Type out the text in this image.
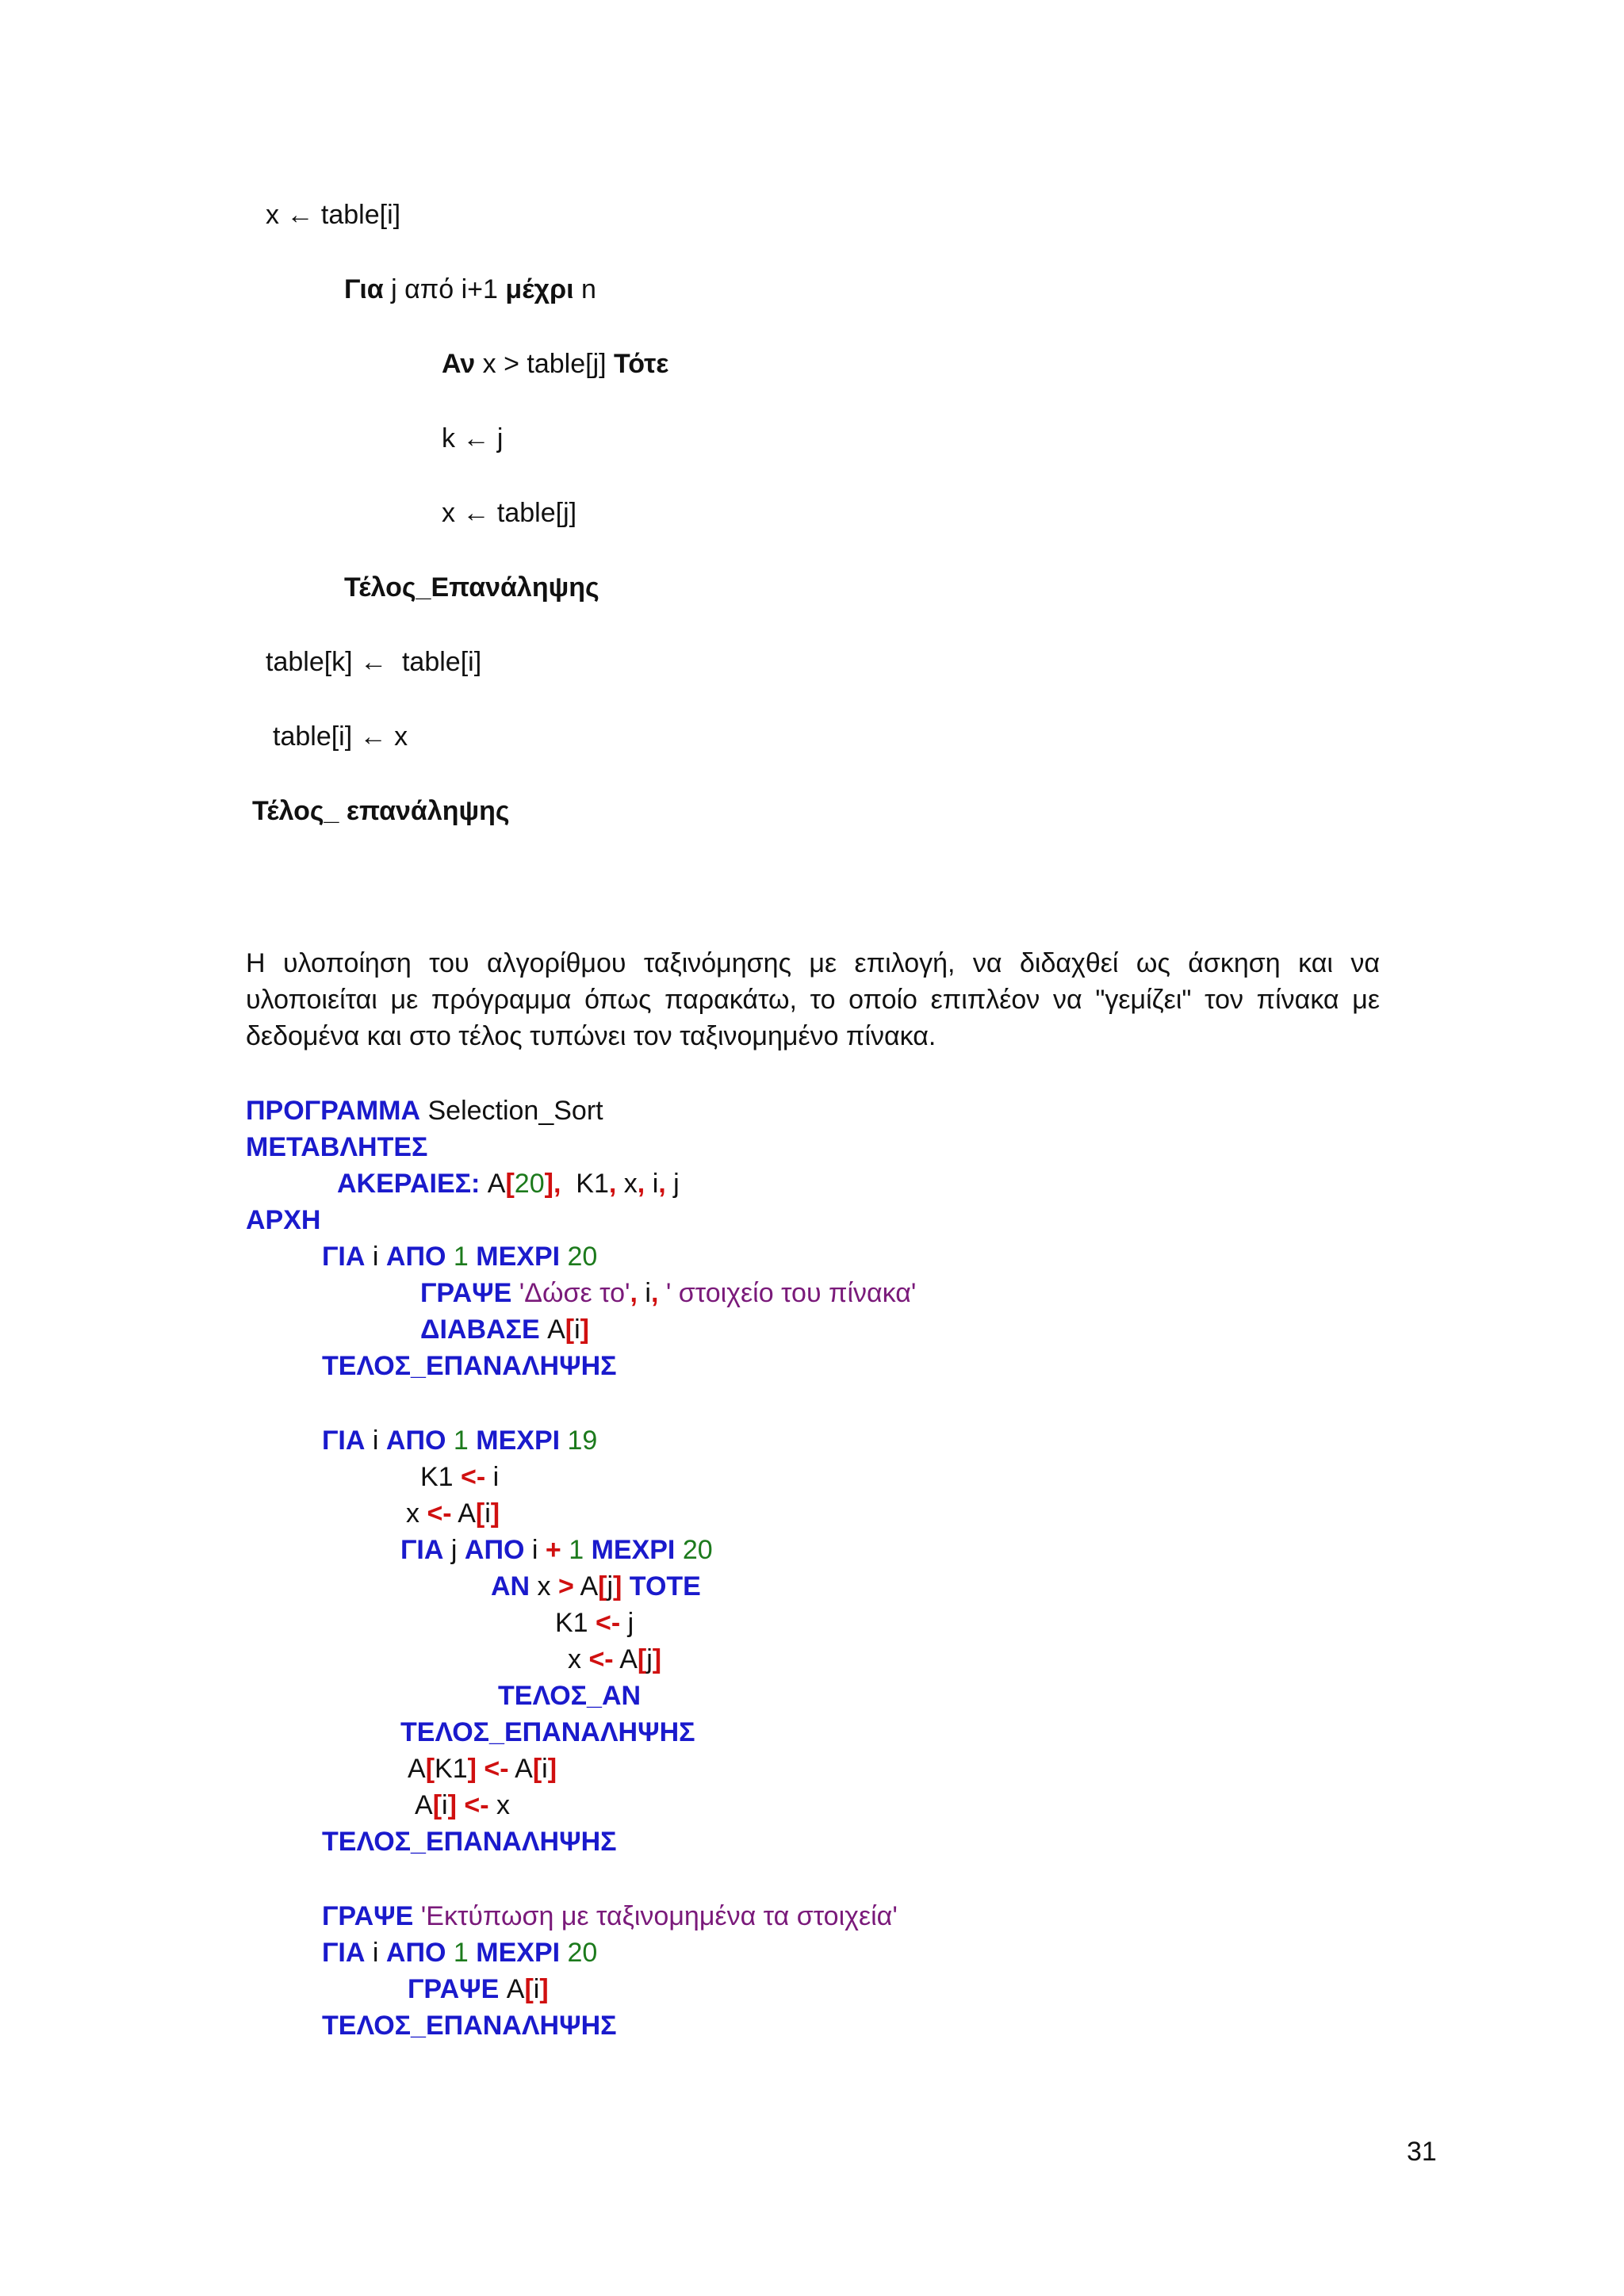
x ← table[i]
Για j από i+1 μέχρι n
Αν x > table[j] Τότε
k ← j
x ← table[j]
Τέλος_Επανάληψης
table[k] ←  table[i]
table[i] ← x
Τέλος_ επανάληψης
Η υλοποίηση του αλγορίθμου ταξινόμησης με επιλογή, να διδαχθεί ως άσκηση και να υλοποιείται με πρόγραμμα όπως παρακάτω, το οποίο επιπλέον να "γεμίζει" τον πίνακα με δεδομένα και στο τέλος τυπώνει τον ταξινομημένο πίνακα.
ΠΡΟΓΡΑΜΜΑ Selection_Sort
ΜΕΤΑΒΛΗΤΕΣ
ΑΚΕΡΑΙΕΣ: A[20],  K1, x, i, j
ΑΡΧΗ
ΓΙΑ i ΑΠΟ 1 ΜΕΧΡΙ 20
ΓΡΑΨΕ 'Δώσε το', i, ' στοιχείο του πίνακα'
ΔΙΑΒΑΣΕ A[i]
ΤΕΛΟΣ_ΕΠΑΝΑΛΗΨΗΣ
ΓΙΑ i ΑΠΟ 1 ΜΕΧΡΙ 19
K1 <- i
x <- A[i]
ΓΙΑ j ΑΠΟ i + 1 ΜΕΧΡΙ 20
ΑΝ x > A[j] ΤΟΤΕ
K1 <- j
x <- A[j]
ΤΕΛΟΣ_ΑΝ
ΤΕΛΟΣ_ΕΠΑΝΑΛΗΨΗΣ
A[K1] <- A[i]
A[i] <- x
ΤΕΛΟΣ_ΕΠΑΝΑΛΗΨΗΣ
ΓΡΑΨΕ 'Εκτύπωση με ταξινομημένα τα στοιχεία'
ΓΙΑ i ΑΠΟ 1 ΜΕΧΡΙ 20
ΓΡΑΨΕ A[i]
ΤΕΛΟΣ_ΕΠΑΝΑΛΗΨΗΣ
31
